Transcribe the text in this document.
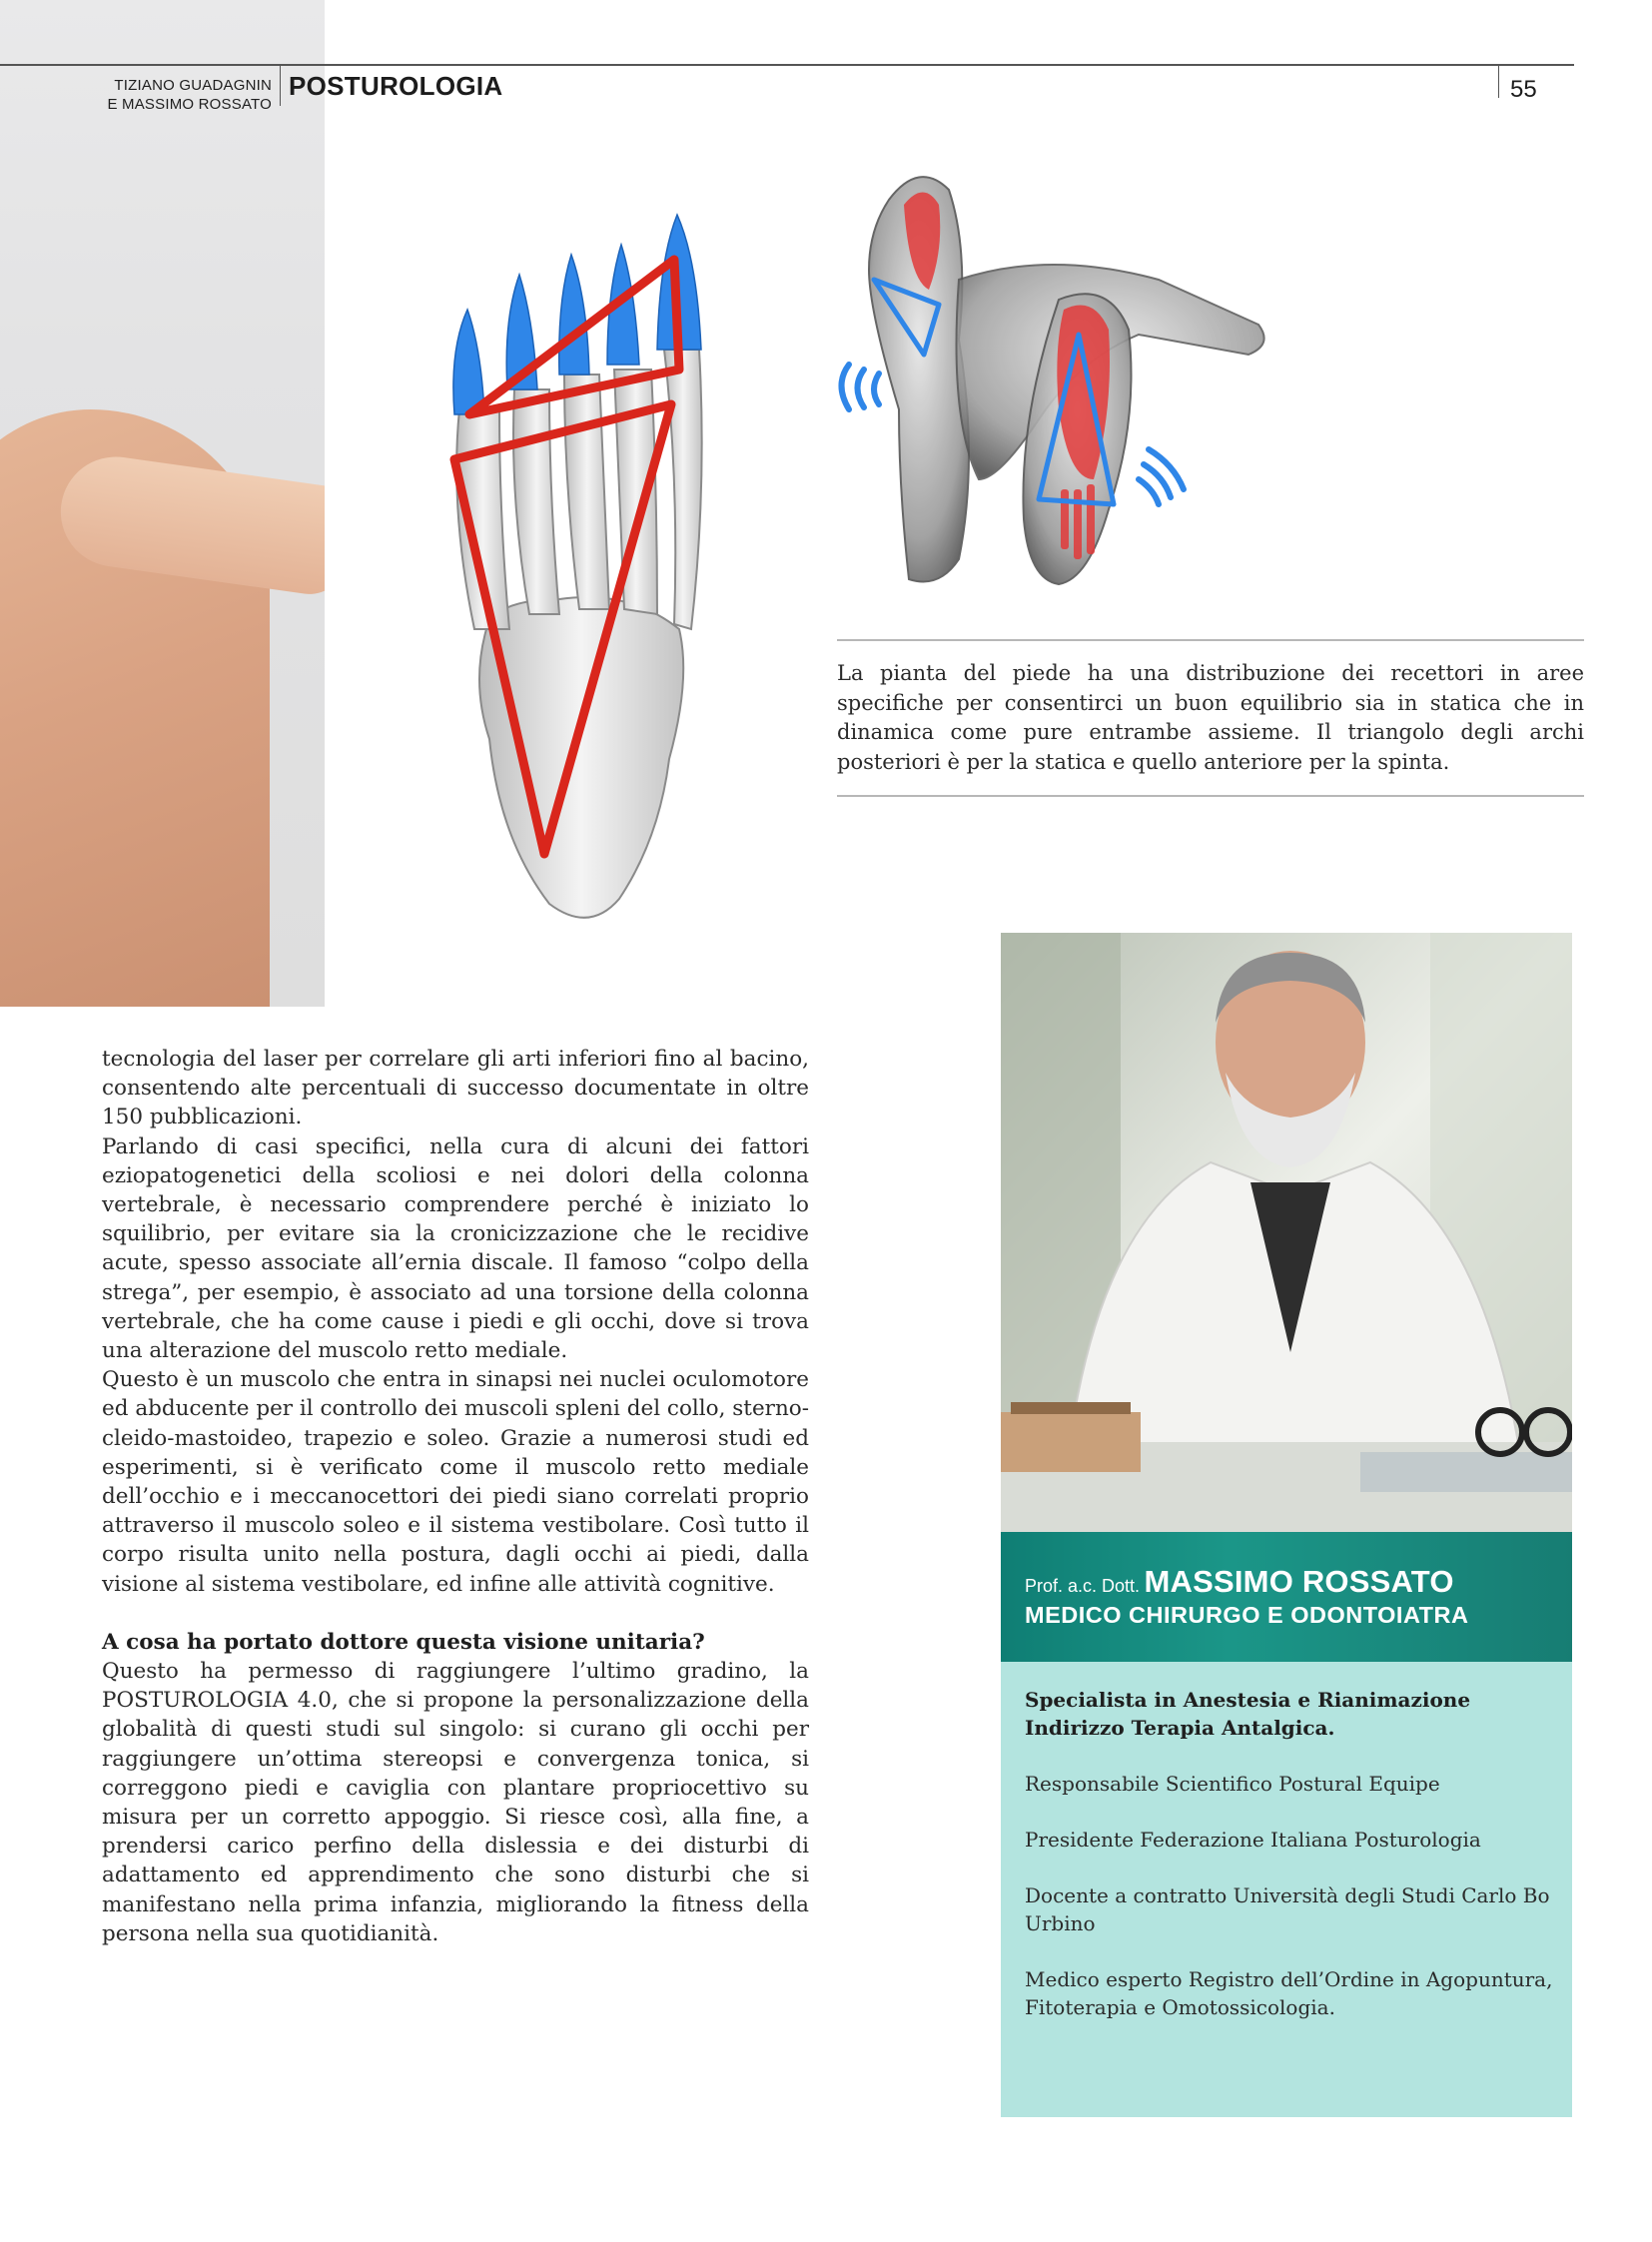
TIZIANO GUADAGNIN
E MASSIMO ROSSATO
POSTUROLOGIA	55
La pianta del piede ha una distribuzione dei recettori in aree specifiche per consentirci un buon equilibrio sia in statica che in dinamica come pure entrambe assieme. Il triangolo degli archi posteriori è per la statica e quello anteriore per la spinta.

tecnologia del laser per correlare gli arti inferiori fino al bacino, consentendo alte percentuali di successo documentate in oltre 150 pubblicazioni.

Parlando di casi specifici, nella cura di alcuni dei fattori eziopatogenetici della scoliosi e nei dolori della colonna vertebrale, è necessario comprendere perché è iniziato lo squilibrio, per evitare sia la cronicizzazione che le recidive acute, spesso associate all’ernia discale. Il famoso “colpo della strega”, per esempio, è associato ad una torsione della colonna vertebrale, che ha come cause i piedi e gli occhi, dove si trova una alterazione del muscolo retto mediale.

Questo è un muscolo che entra in sinapsi nei nuclei oculomotore ed abducente per il controllo dei muscoli spleni del collo, sterno-cleido-mastoideo, trapezio e soleo. Grazie a numerosi studi ed esperimenti, si è verificato come il muscolo retto mediale dell’occhio e i meccanocettori dei piedi siano correlati proprio attraverso il muscolo soleo e il sistema vestibolare. Così tutto il corpo risulta unito nella postura, dagli occhi ai piedi, dalla visione al sistema vestibolare, ed infine alle attività cognitive.

A cosa ha portato dottore questa visione unitaria?

Questo ha permesso di raggiungere l’ultimo gradino, la POSTUROLOGIA 4.0, che si propone la personalizzazione della globalità di questi studi sul singolo: si curano gli occhi per raggiungere un’ottima stereopsi e convergenza tonica, si correggono piedi e caviglia con plantare propriocettivo su misura per un corretto appoggio. Si riesce così, alla fine, a prendersi carico perfino della dislessia e dei disturbi di adattamento ed apprendimento che sono disturbi che si manifestano nella prima infanzia, migliorando la fitness della persona nella sua quotidianità.

Prof. a.c. Dott. MASSIMO ROSSATO
MEDICO CHIRURGO E ODONTOIATRA
Specialista in Anestesia e Rianimazione Indirizzo Terapia Antalgica.
Responsabile Scientifico Postural Equipe
Presidente Federazione Italiana Posturologia
Docente a contratto Università degli Studi Carlo Bo Urbino
Medico esperto Registro dell’Ordine in Agopuntura, Fitoterapia e Omotossicologia.
